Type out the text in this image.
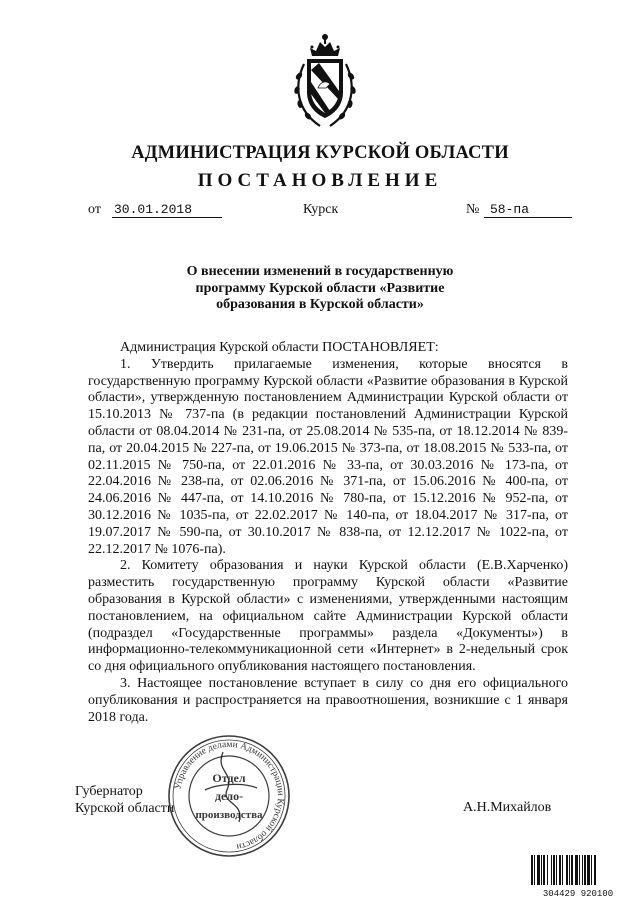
АДМИНИСТРАЦИЯ КУРСКОЙ ОБЛАСТИ
ПОСТАНОВЛЕНИЕ
от 30.01.2018	Курск	№ 58-па
О внесении изменений в государственную программу Курской области «Развитие образования в Курской области»

Администрация Курской области ПОСТАНОВЛЯЕТ:

1. Утвердить прилагаемые изменения, которые вносятся в государственную программу Курской области «Развитие образования в Курской области», утвержденную постановлением Администрации Курской области от 15.10.2013 № 737-па (в редакции постановлений Администрации Курской области от 08.04.2014 № 231-па, от 25.08.2014 № 535-па, от 18.12.2014 № 839-па, от 20.04.2015 № 227-па, от 19.06.2015 № 373-па, от 18.08.2015 № 533-па, от 02.11.2015 № 750-па, от 22.01.2016 № 33-па, от 30.03.2016 № 173-па, от 22.04.2016 № 238-па, от 02.06.2016 № 371-па, от 15.06.2016 № 400-па, от 24.06.2016 № 447-па, от 14.10.2016 № 780-па, от 15.12.2016 № 952-па, от 30.12.2016 № 1035-па, от 22.02.2017 № 140-па, от 18.04.2017 № 317-па, от 19.07.2017 № 590-па, от 30.10.2017 № 838-па, от 12.12.2017 № 1022-па, от 22.12.2017 № 1076-па).

2. Комитету образования и науки Курской области (Е.В.Харченко) разместить государственную программу Курской области «Развитие образования в Курской области» с изменениями, утвержденными настоящим постановлением, на официальном сайте Администрации Курской области (подраздел «Государственные программы» раздела «Документы») в информационно-телекоммуникационной сети «Интернет» в 2-недельный срок со дня официального опубликования настоящего постановления.

3. Настоящее постановление вступает в силу со дня его официального опубликования и распространяется на правоотношения, возникшие с 1 января 2018 года.

Губернатор
Курской области	А.Н.Михайлов
Управление делами Администрации Курской области
Отдел
дело-
производства
304429 920100
